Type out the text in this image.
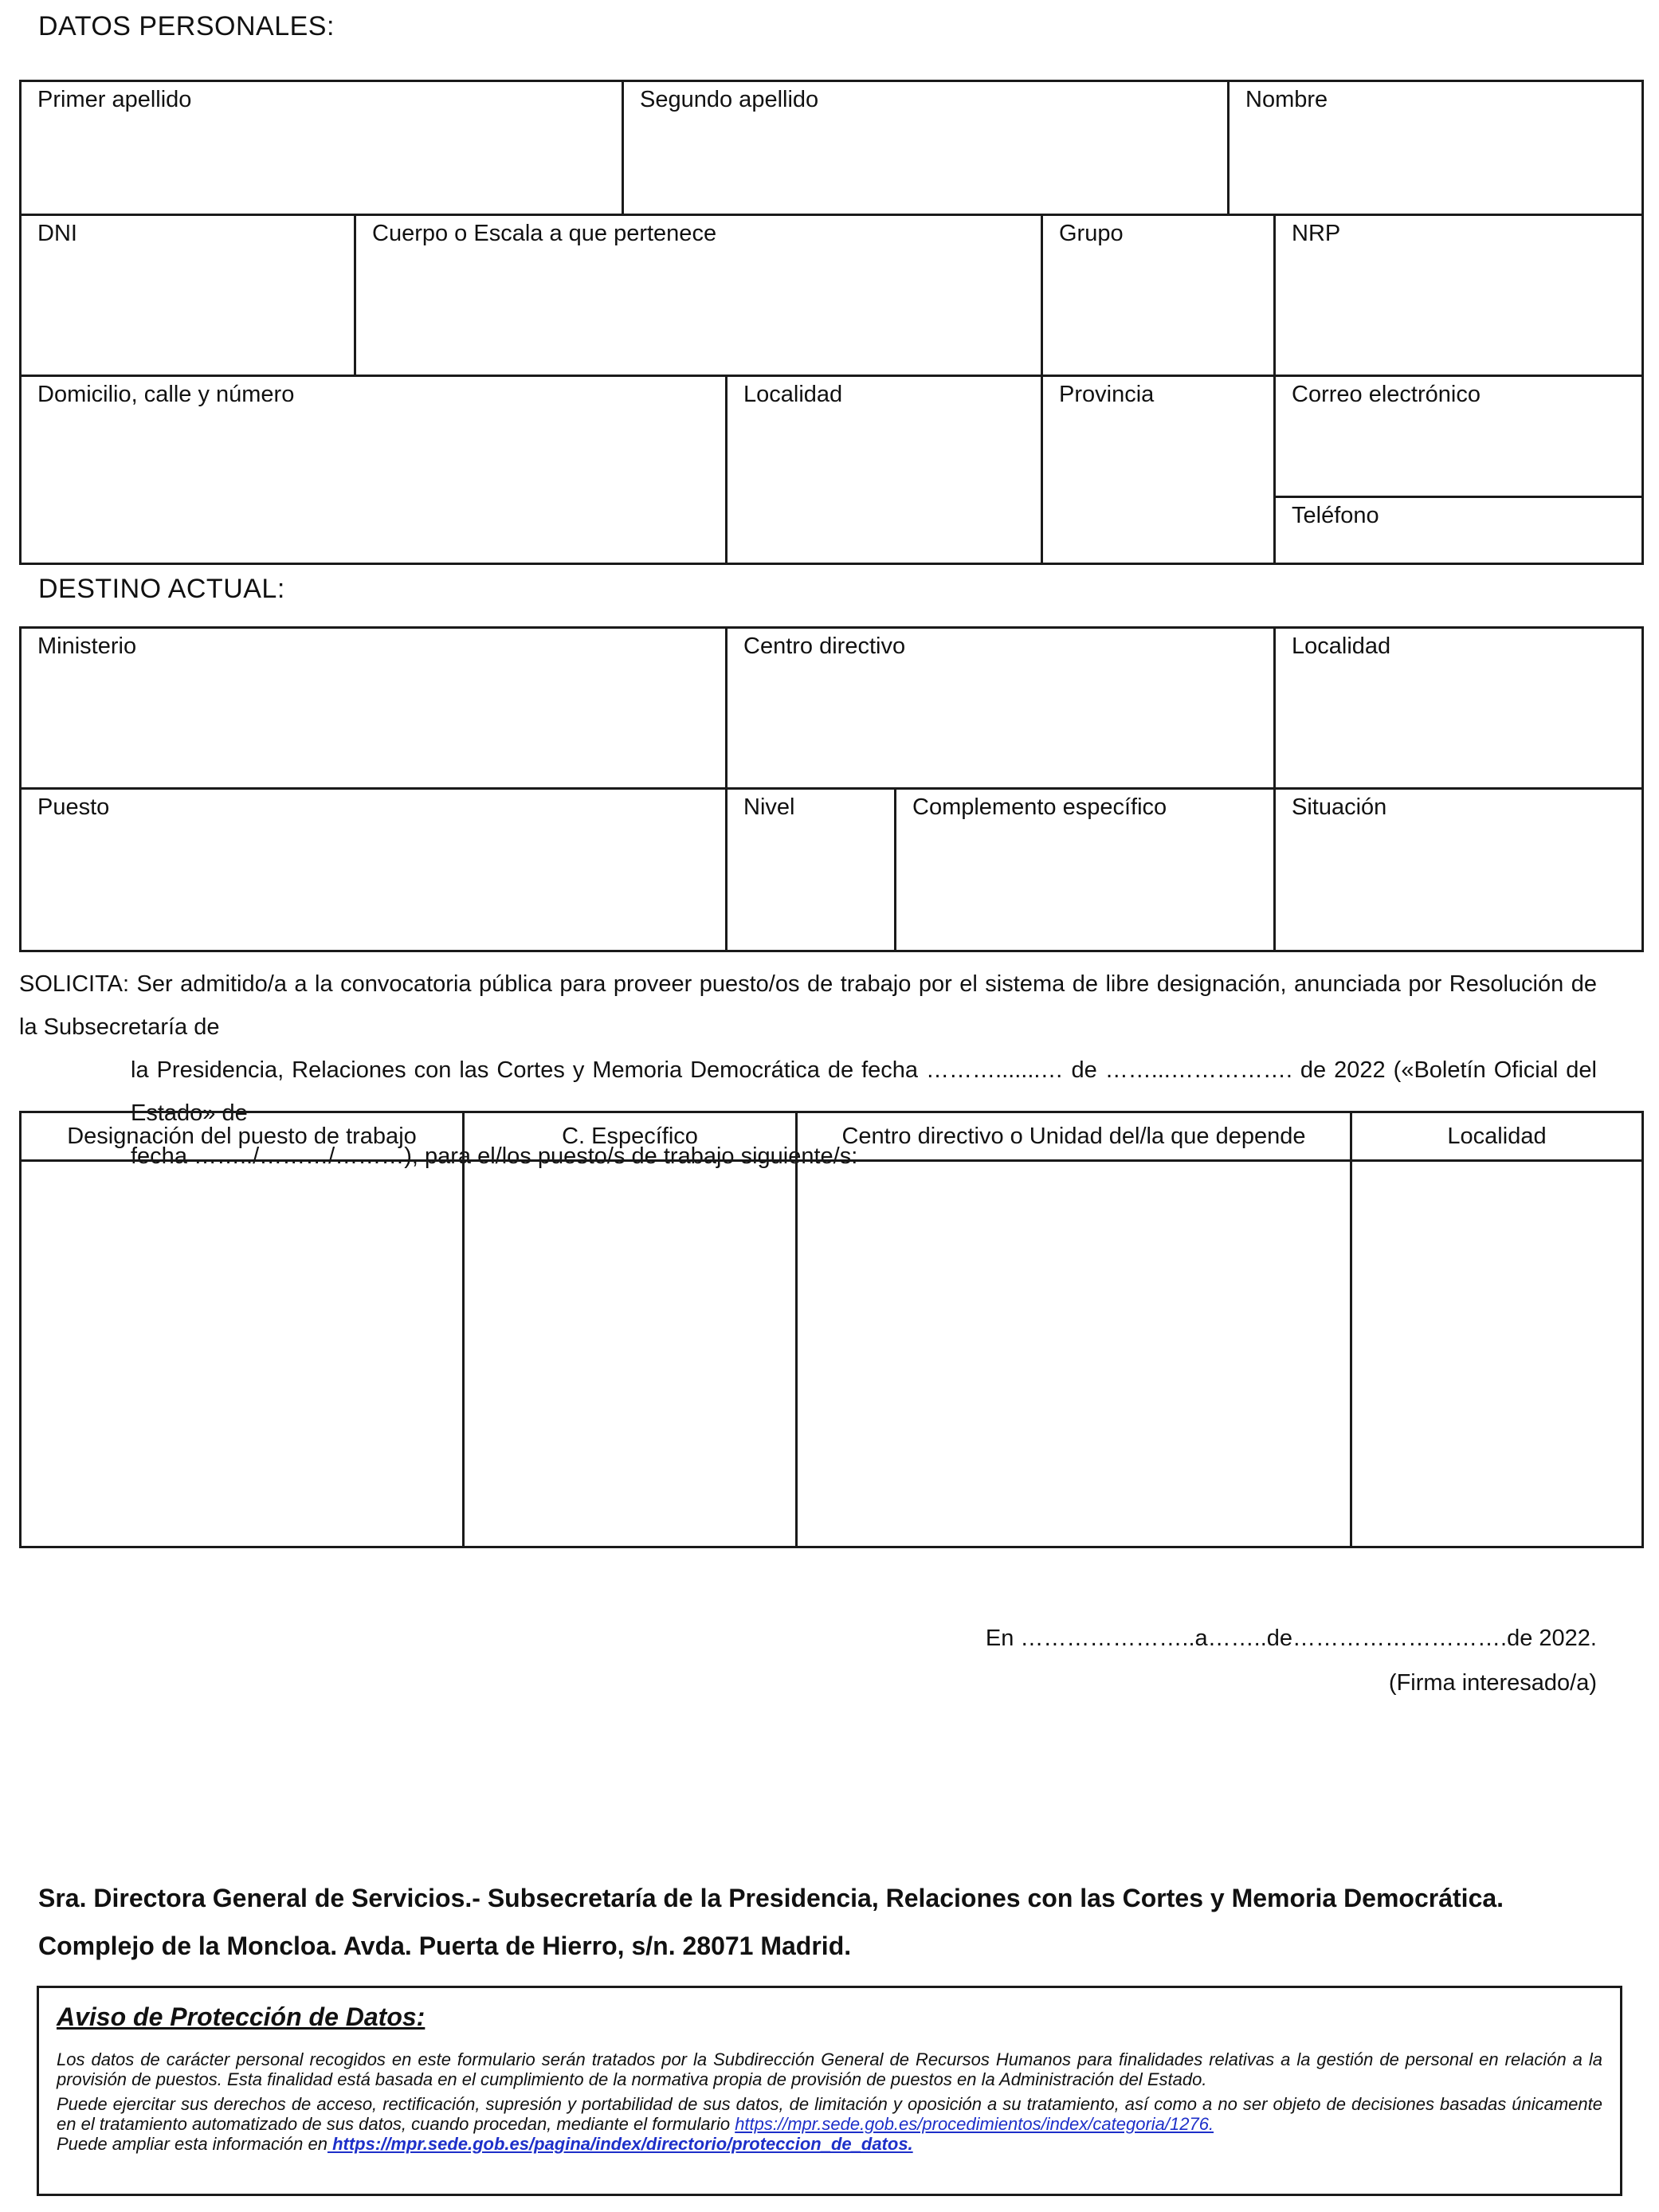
DATOS PERSONALES:
Primer apellido	Segundo apellido	Nombre
DNI	Cuerpo o Escala a que pertenece	Grupo	NRP
Domicilio, calle y número	Localidad	Provincia	Correo electrónico
Teléfono
DESTINO ACTUAL:
Ministerio	Centro directivo	Localidad
Puesto	Nivel	Complemento específico	Situación
SOLICITA: Ser admitido/a a la convocatoria pública para proveer puesto/os de trabajo por el sistema de libre designación, anunciada por Resolución de la Subsecretaría de
la Presidencia, Relaciones con las Cortes y Memoria Democrática de fecha ……….......… de ……...……………. de 2022 («Boletín Oficial del Estado» de
fecha ……../………/………), para el/los puesto/s de trabajo siguiente/s:
Designación del puesto de trabajo	C. Específico	Centro directivo o Unidad del/la que depende	Localidad

En …………………..a……..de……………………….de 2022.
(Firma interesado/a)
Sra. Directora General de Servicios.- Subsecretaría de la Presidencia, Relaciones con las Cortes y Memoria Democrática.
Complejo de la Moncloa. Avda. Puerta de Hierro, s/n. 28071 Madrid.
Aviso de Protección de Datos:

Los datos de carácter personal recogidos en este formulario serán tratados por la Subdirección General de Recursos Humanos para finalidades relativas a la gestión de personal en relación a la provisión de puestos. Esta finalidad está basada en el cumplimiento de la normativa propia de provisión de puestos en la Administración del Estado.

Puede ejercitar sus derechos de acceso, rectificación, supresión y portabilidad de sus datos, de limitación y oposición a su tratamiento, así como a no ser objeto de decisiones basadas únicamente en el tratamiento automatizado de sus datos, cuando procedan, mediante el formulario https://mpr.sede.gob.es/procedimientos/index/categoria/1276.
Puede ampliar esta información en https://mpr.sede.gob.es/pagina/index/directorio/proteccion_de_datos.
